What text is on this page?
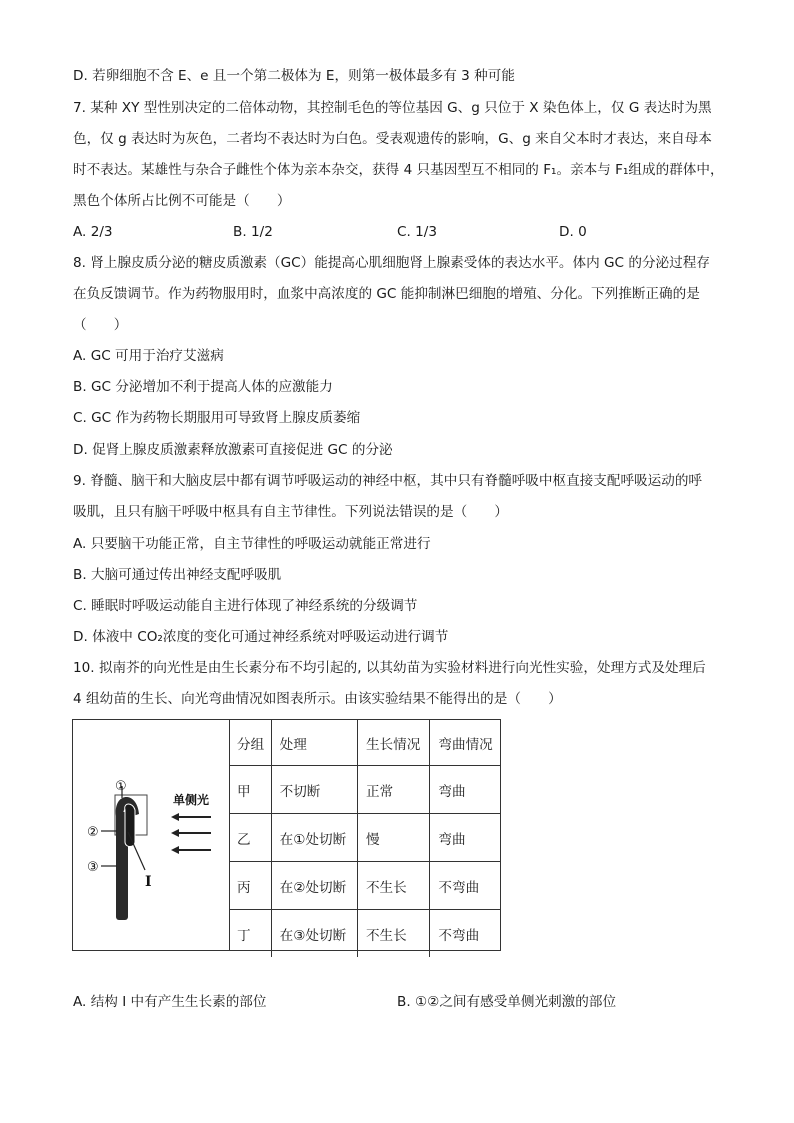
D. 若卵细胞不含 E、e 且一个第二极体为 E，则第一极体最多有 3 种可能
7. 某种 XY 型性别决定的二倍体动物，其控制毛色的等位基因 G、g 只位于 X 染色体上，仅 G 表达时为黑
色，仅 g 表达时为灰色，二者均不表达时为白色。受表观遗传的影响，G、g 来自父本时才表达，来自母本
时不表达。某雄性与杂合子雌性个体为亲本杂交，获得 4 只基因型互不相同的 F₁。亲本与 F₁组成的群体中，
黑色个体所占比例不可能是（　　）
A. 2/3	B. 1/2	C. 1/3	D. 0
8. 肾上腺皮质分泌的糖皮质激素（GC）能提高心肌细胞肾上腺素受体的表达水平。体内 GC 的分泌过程存
在负反馈调节。作为药物服用时，血浆中高浓度的 GC 能抑制淋巴细胞的增殖、分化。下列推断正确的是
（　　）
A. GC 可用于治疗艾滋病
B. GC 分泌增加不利于提高人体的应激能力
C. GC 作为药物长期服用可导致肾上腺皮质萎缩
D. 促肾上腺皮质激素释放激素可直接促进 GC 的分泌
9. 脊髓、脑干和大脑皮层中都有调节呼吸运动的神经中枢，其中只有脊髓呼吸中枢直接支配呼吸运动的呼
吸肌，且只有脑干呼吸中枢具有自主节律性。下列说法错误的是（　　）
A. 只要脑干功能正常，自主节律性的呼吸运动就能正常进行
B. 大脑可通过传出神经支配呼吸肌
C. 睡眠时呼吸运动能自主进行体现了神经系统的分级调节
D. 体液中 CO₂浓度的变化可通过神经系统对呼吸运动进行调节
10. 拟南芥的向光性是由生长素分布不均引起的, 以其幼苗为实验材料进行向光性实验，处理方式及处理后
4 组幼苗的生长、向光弯曲情况如图表所示。由该实验结果不能得出的是（　　）
单侧光
①
②
③
I
分组	处理	生长情况	弯曲情况
甲	不切断	正常	弯曲
乙	在①处切断	慢	弯曲
丙	在②处切断	不生长	不弯曲
丁	在③处切断	不生长	不弯曲
A. 结构 I 中有产生生长素的部位	B. ①②之间有感受单侧光刺激的部位
